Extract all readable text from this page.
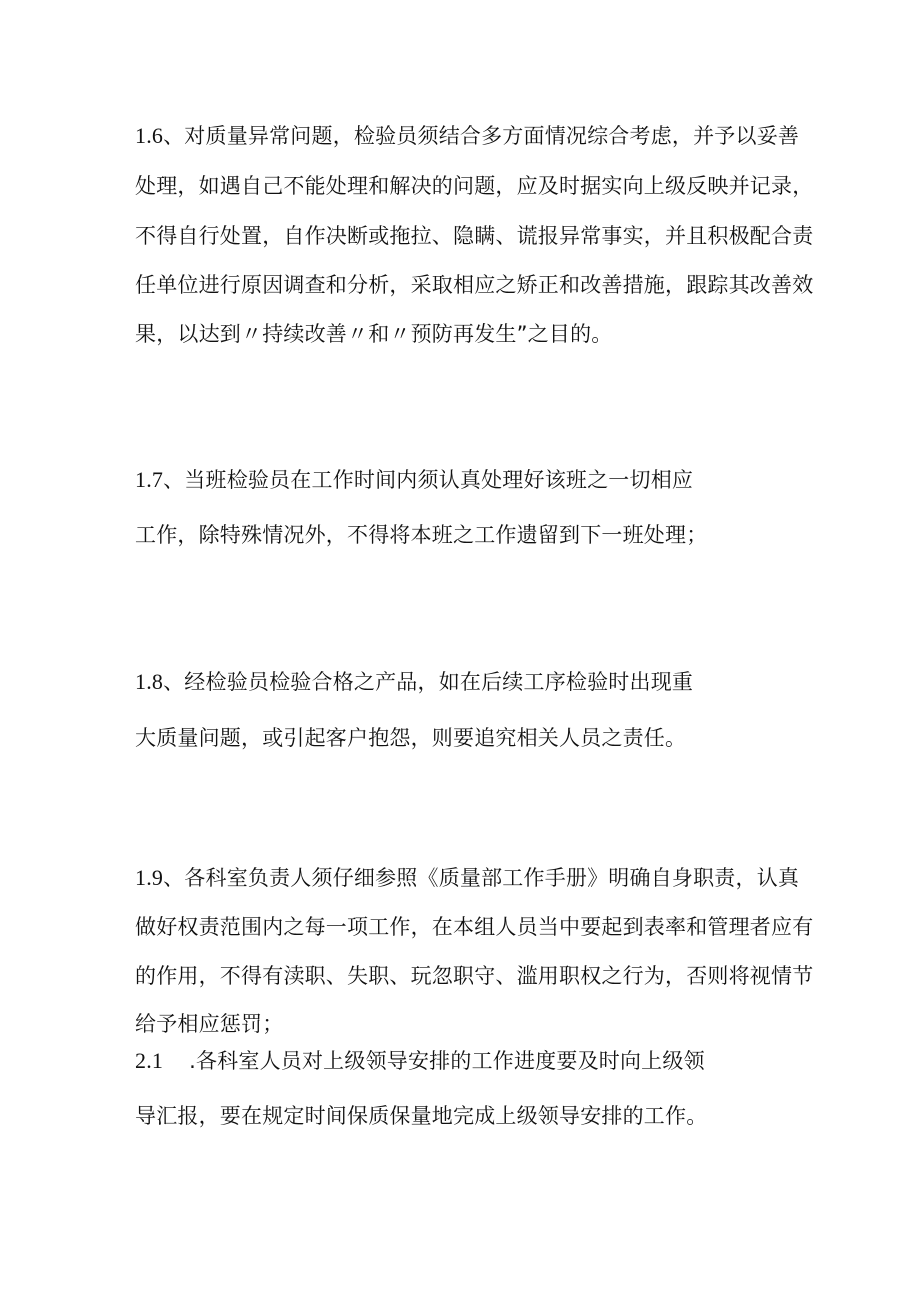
1.6、对质量异常问题，检验员须结合多方面情况综合考虑，并予以妥善
处理，如遇自己不能处理和解决的问题，应及时据实向上级反映并记录，
不得自行处置，自作决断或拖拉、隐瞒、谎报异常事实，并且积极配合责
任单位进行原因调查和分析，采取相应之矫正和改善措施，跟踪其改善效
果，以达到〃持续改善〃和〃预防再发生”之目的。
1.7、当班检验员在工作时间内须认真处理好该班之一切相应
工作，除特殊情况外，不得将本班之工作遗留到下一班处理；
1.8、经检验员检验合格之产品，如在后续工序检验时出现重
大质量问题，或引起客户抱怨，则要追究相关人员之责任。
1.9、各科室负责人须仔细参照《质量部工作手册》明确自身职责，认真
做好权责范围内之每一项工作，在本组人员当中要起到表率和管理者应有
的作用，不得有渎职、失职、玩忽职守、滥用职权之行为，否则将视情节
给予相应惩罚；
2.1 .各科室人员对上级领导安排的工作进度要及时向上级领
导汇报，要在规定时间保质保量地完成上级领导安排的工作。
